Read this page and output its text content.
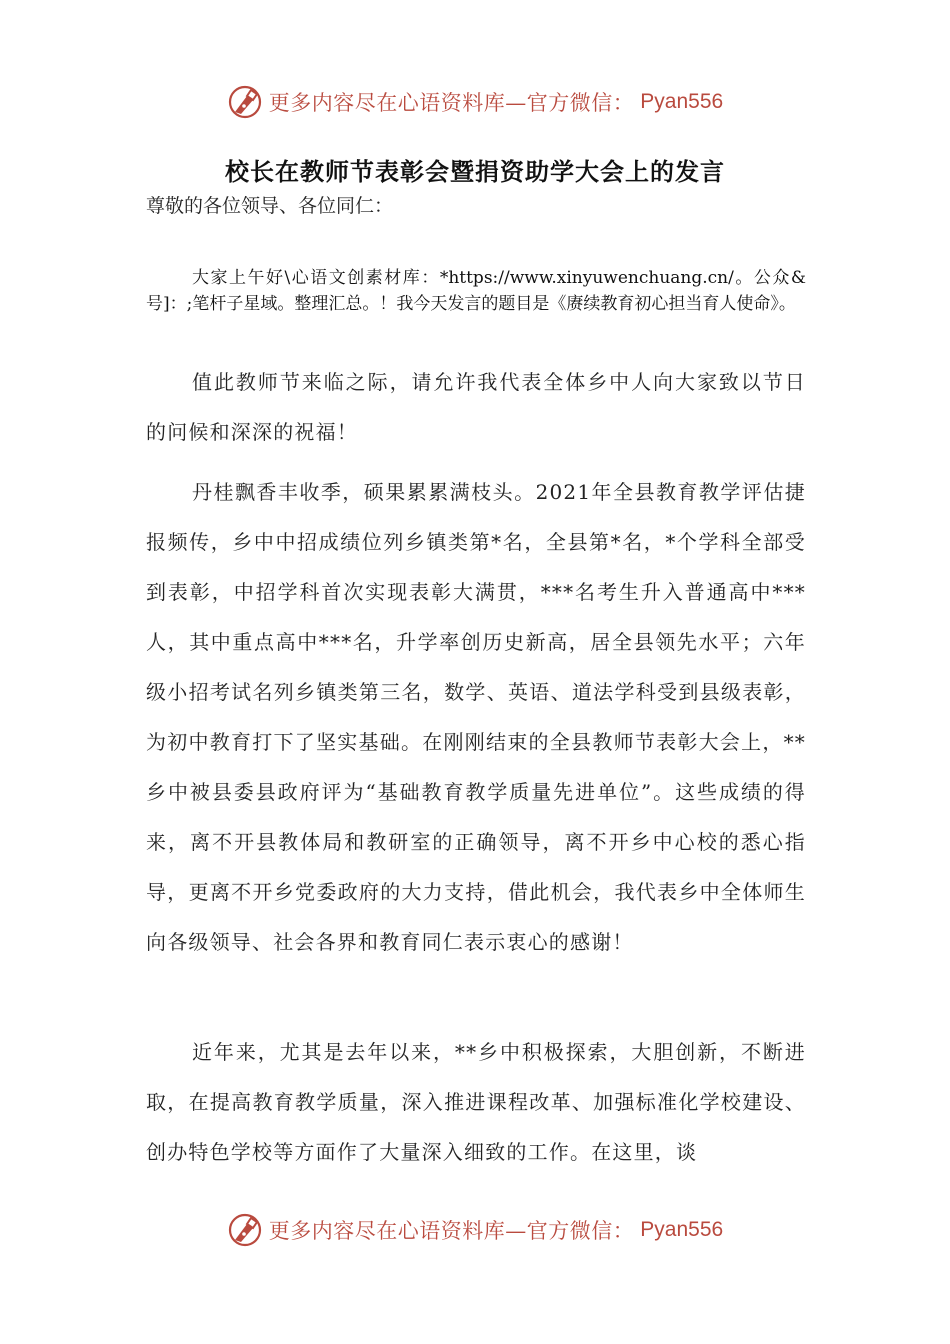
更多内容尽在心语资料库—官方微信： Pyan556
校长在教师节表彰会暨捐资助学大会上的发言
尊敬的各位领导、各位同仁：
大家上午好\心语文创素材库：*https://www.xinyuwenchuang.cn/。公众&号]：;笔杆子星域。整理汇总。！我今天发言的题目是《赓续教育初心担当育人使命》。
值此教师节来临之际，请允许我代表全体乡中人向大家致以节日的问候和深深的祝福！
丹桂飘香丰收季，硕果累累满枝头。2021年全县教育教学评估捷报频传，乡中中招成绩位列乡镇类第*名，全县第*名，*个学科全部受到表彰，中招学科首次实现表彰大满贯，***名考生升入普通高中***人，其中重点高中***名，升学率创历史新高，居全县领先水平；六年级小招考试名列乡镇类第三名，数学、英语、道法学科受到县级表彰，为初中教育打下了坚实基础。在刚刚结束的全县教师节表彰大会上，**乡中被县委县政府评为“基础教育教学质量先进单位”。这些成绩的得来，离不开县教体局和教研室的正确领导，离不开乡中心校的悉心指导，更离不开乡党委政府的大力支持，借此机会，我代表乡中全体师生向各级领导、社会各界和教育同仁表示衷心的感谢！
近年来，尤其是去年以来，**乡中积极探索，大胆创新，不断进取，在提高教育教学质量，深入推进课程改革、加强标准化学校建设、创办特色学校等方面作了大量深入细致的工作。在这里，谈
更多内容尽在心语资料库—官方微信： Pyan556
